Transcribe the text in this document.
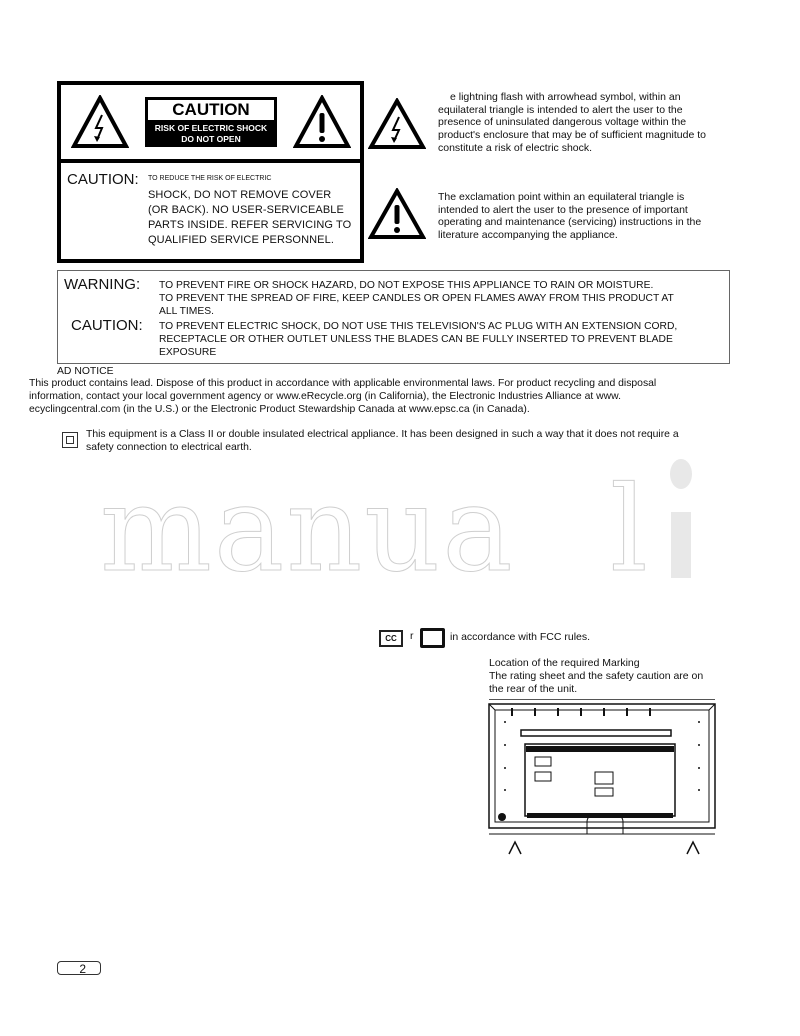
CAUTION
RISK OF ELECTRIC SHOCK
DO NOT OPEN
CAUTION: TO REDUCE THE RISK OF ELECTRIC
SHOCK, DO NOT REMOVE COVER
(OR BACK). NO USER-SERVICEABLE
PARTS INSIDE. REFER SERVICING TO
QUALIFIED SERVICE PERSONNEL.
e lightning flash with arrowhead symbol, within an
equilateral triangle is intended to alert the user to the
presence of uninsulated dangerous voltage within the
product's enclosure that may be of sufficient magnitude to
constitute a risk of electric shock.
The exclamation point within an equilateral triangle is
intended to alert the user to the presence of important
operating and maintenance (servicing) instructions in the
literature accompanying the appliance.
WARNING: TO PREVENT FIRE OR SHOCK HAZARD, DO NOT EXPOSE THIS APPLIANCE TO RAIN OR MOISTURE.
TO PREVENT THE SPREAD OF FIRE, KEEP CANDLES OR OPEN FLAMES AWAY FROM THIS PRODUCT AT
ALL TIMES.
CAUTION: TO PREVENT ELECTRIC SHOCK, DO NOT USE THIS TELEVISION'S AC PLUG WITH AN EXTENSION CORD,
RECEPTACLE OR OTHER OUTLET UNLESS THE BLADES CAN BE FULLY INSERTED TO PREVENT BLADE
EXPOSURE
AD NOTICE
This product contains lead. Dispose of this product in accordance with applicable environmental laws. For product recycling and disposal
information, contact your local government agency or www.eRecycle.org (in California), the Electronic Industries Alliance at www.
ecyclingcentral.com (in the U.S.) or the Electronic Product Stewardship Canada at www.epsc.ca (in Canada).
This equipment is a Class II or double insulated electrical appliance. It has been designed in such a way that it does not require a
safety connection to electrical earth.
manua l
CC	r	in accordance with FCC rules.
Location of the required Marking
The rating sheet and the safety caution are on
the rear of the unit.
2
